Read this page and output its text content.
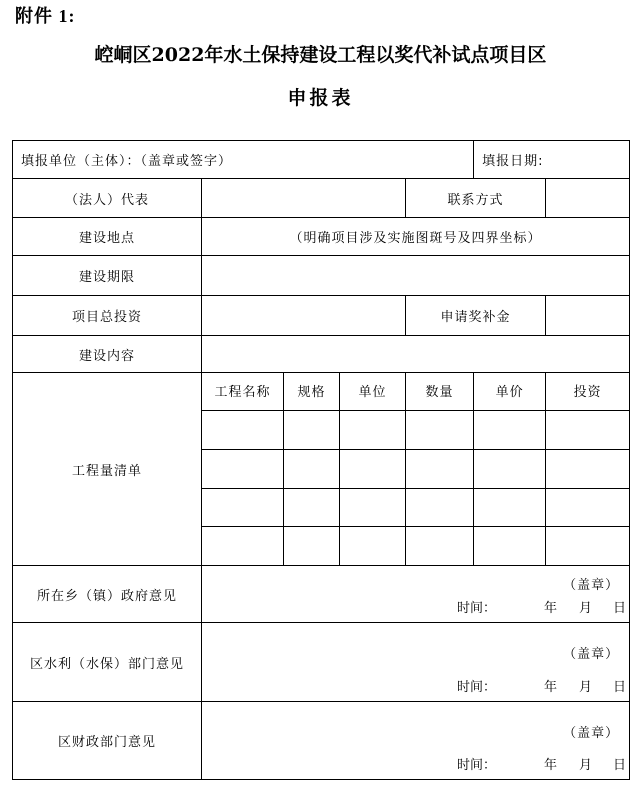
附件 1:
崆峒区2022年水土保持建设工程以奖代补试点项目区
申报表
填报单位（主体）：（盖章或签字）					填报日期:	
（法人）代表				联系方式		
建设地点	（明确项目涉及实施图斑号及四界坐标）					
建设期限						
项目总投资				申请奖补金		
建设内容						
工程量清单	工程名称	规格	单位	数量	单价	投资

所在乡（镇）政府意见	（盖章）
时间： 年 月 日					

区水利（水保）部门意见	（盖章）
时间： 年 月 日					

区财政部门意见	（盖章）
时间： 年 月 日					
